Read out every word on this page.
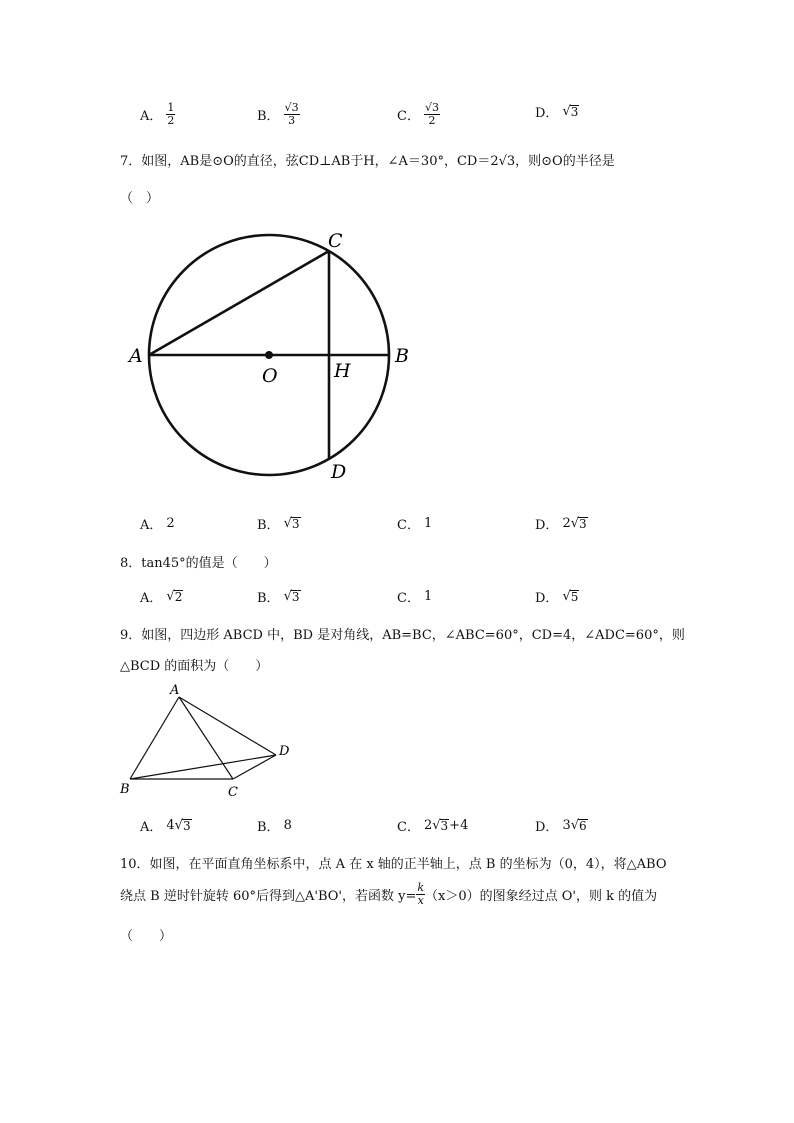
A． $\frac{1}{2}$	B． $\frac{√3}{3}$	C． $\frac{√3}{2}$	D． √ 3
7．如图，AB是⊙O的直径，弦CD⊥AB于H，∠A＝30°，CD＝2√3，则⊙O的半径是
（　）
A	B
C
D
O	H
A． 2	B． √ 3	C． 1	D． 2 √ 3
8．tan45°的值是（　　）
A． √ 2	B． √ 3	C． 1	D． √ 5
9．如图，四边形 ABCD 中，BD 是对角线，AB=BC，∠ABC=60°，CD=4，∠ADC=60°，则
△BCD 的面积为（　　）
A
B	C
D
A． 4 √ 3	B． 8	C． 2 √ 3 +4	D． 3 √ 6
10．如图，在平面直角坐标系中，点 A 在 x 轴的正半轴上，点 B 的坐标为（0，4），将△ABO
绕点 B 逆时针旋转 60°后得到△A'BO'，若函数 $y= \frac{k}{x} (x>0)$的图象经过点 O'，则 k 的值为
（　　）
